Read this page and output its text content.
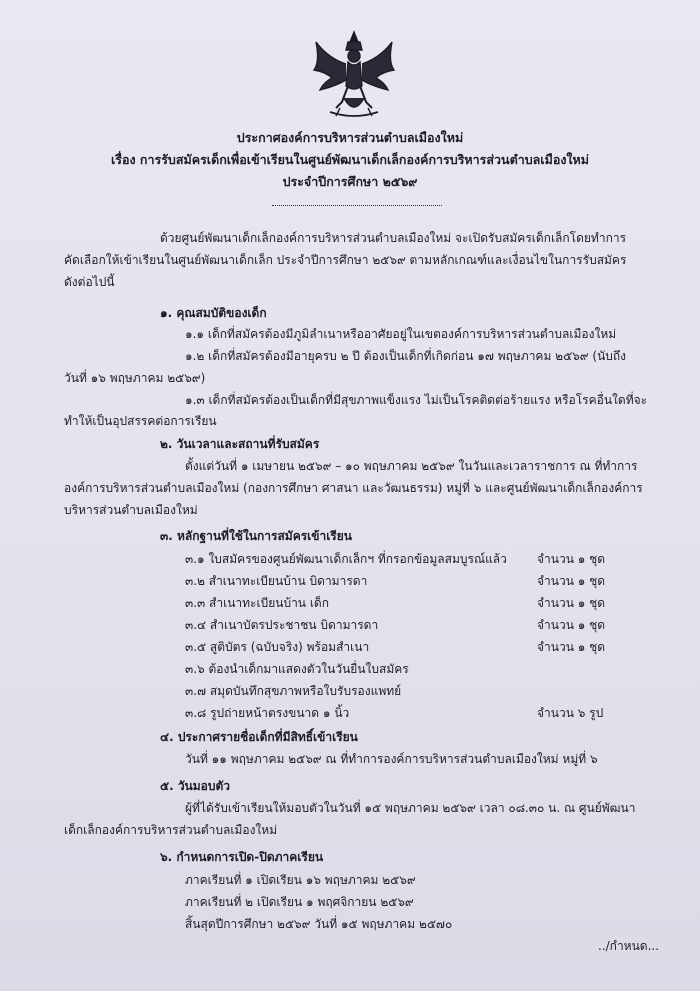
ประกาศองค์การบริหารส่วนตำบลเมืองใหม่
เรื่อง การรับสมัครเด็กเพื่อเข้าเรียนในศูนย์พัฒนาเด็กเล็กองค์การบริหารส่วนตำบลเมืองใหม่
ประจำปีการศึกษา ๒๕๖๙
ด้วยศูนย์พัฒนาเด็กเล็กองค์การบริหารส่วนตำบลเมืองใหม่ จะเปิดรับสมัครเด็กเล็กโดยทำการ
คัดเลือกให้เข้าเรียนในศูนย์พัฒนาเด็กเล็ก ประจำปีการศึกษา ๒๕๖๙ ตามหลักเกณฑ์และเงื่อนไขในการรับสมัคร
ดังต่อไปนี้
๑. คุณสมบัติของเด็ก
๑.๑ เด็กที่สมัครต้องมีภูมิลำเนาหรืออาศัยอยู่ในเขตองค์การบริหารส่วนตำบลเมืองใหม่
๑.๒ เด็กที่สมัครต้องมีอายุครบ ๒ ปี ต้องเป็นเด็กที่เกิดก่อน ๑๗ พฤษภาคม ๒๕๖๙ (นับถึง
วันที่ ๑๖ พฤษภาคม ๒๕๖๙)
๑.๓ เด็กที่สมัครต้องเป็นเด็กที่มีสุขภาพแข็งแรง ไม่เป็นโรคติดต่อร้ายแรง หรือโรคอื่นใดที่จะ
ทำให้เป็นอุปสรรคต่อการเรียน
๒. วันเวลาและสถานที่รับสมัคร
ตั้งแต่วันที่ ๑ เมษายน ๒๕๖๙ – ๑๐ พฤษภาคม ๒๕๖๙ ในวันและเวลาราชการ ณ ที่ทำการ
องค์การบริหารส่วนตำบลเมืองใหม่ (กองการศึกษา ศาสนา และวัฒนธรรม) หมู่ที่ ๖ และศูนย์พัฒนาเด็กเล็กองค์การ
บริหารส่วนตำบลเมืองใหม่
๓. หลักฐานที่ใช้ในการสมัครเข้าเรียน
๓.๑ ใบสมัครของศูนย์พัฒนาเด็กเล็กฯ ที่กรอกข้อมูลสมบูรณ์แล้ว	จำนวน ๑ ชุด
๓.๒ สำเนาทะเบียนบ้าน บิดามารดา	จำนวน ๑ ชุด
๓.๓ สำเนาทะเบียนบ้าน เด็ก	จำนวน ๑ ชุด
๓.๔ สำเนาบัตรประชาชน บิดามารดา	จำนวน ๑ ชุด
๓.๕ สูติบัตร (ฉบับจริง) พร้อมสำเนา	จำนวน ๑ ชุด
๓.๖ ต้องนำเด็กมาแสดงตัวในวันยื่นใบสมัคร
๓.๗ สมุดบันทึกสุขภาพหรือใบรับรองแพทย์
๓.๘ รูปถ่ายหน้าตรงขนาด ๑ นิ้ว	จำนวน ๖ รูป
๔. ประกาศรายชื่อเด็กที่มีสิทธิ์เข้าเรียน
วันที่ ๑๑ พฤษภาคม ๒๕๖๙ ณ ที่ทำการองค์การบริหารส่วนตำบลเมืองใหม่ หมู่ที่ ๖
๕. วันมอบตัว
ผู้ที่ได้รับเข้าเรียนให้มอบตัวในวันที่ ๑๕ พฤษภาคม ๒๕๖๙ เวลา ๐๘.๓๐ น. ณ ศูนย์พัฒนา
เด็กเล็กองค์การบริหารส่วนตำบลเมืองใหม่
๖. กำหนดการเปิด-ปิดภาคเรียน
ภาคเรียนที่ ๑ เปิดเรียน ๑๖ พฤษภาคม ๒๕๖๙
ภาคเรียนที่ ๒ เปิดเรียน ๑ พฤศจิกายน ๒๕๖๙
สิ้นสุดปีการศึกษา ๒๕๖๙ วันที่ ๑๕ พฤษภาคม ๒๕๗๐
../กำหนด...
